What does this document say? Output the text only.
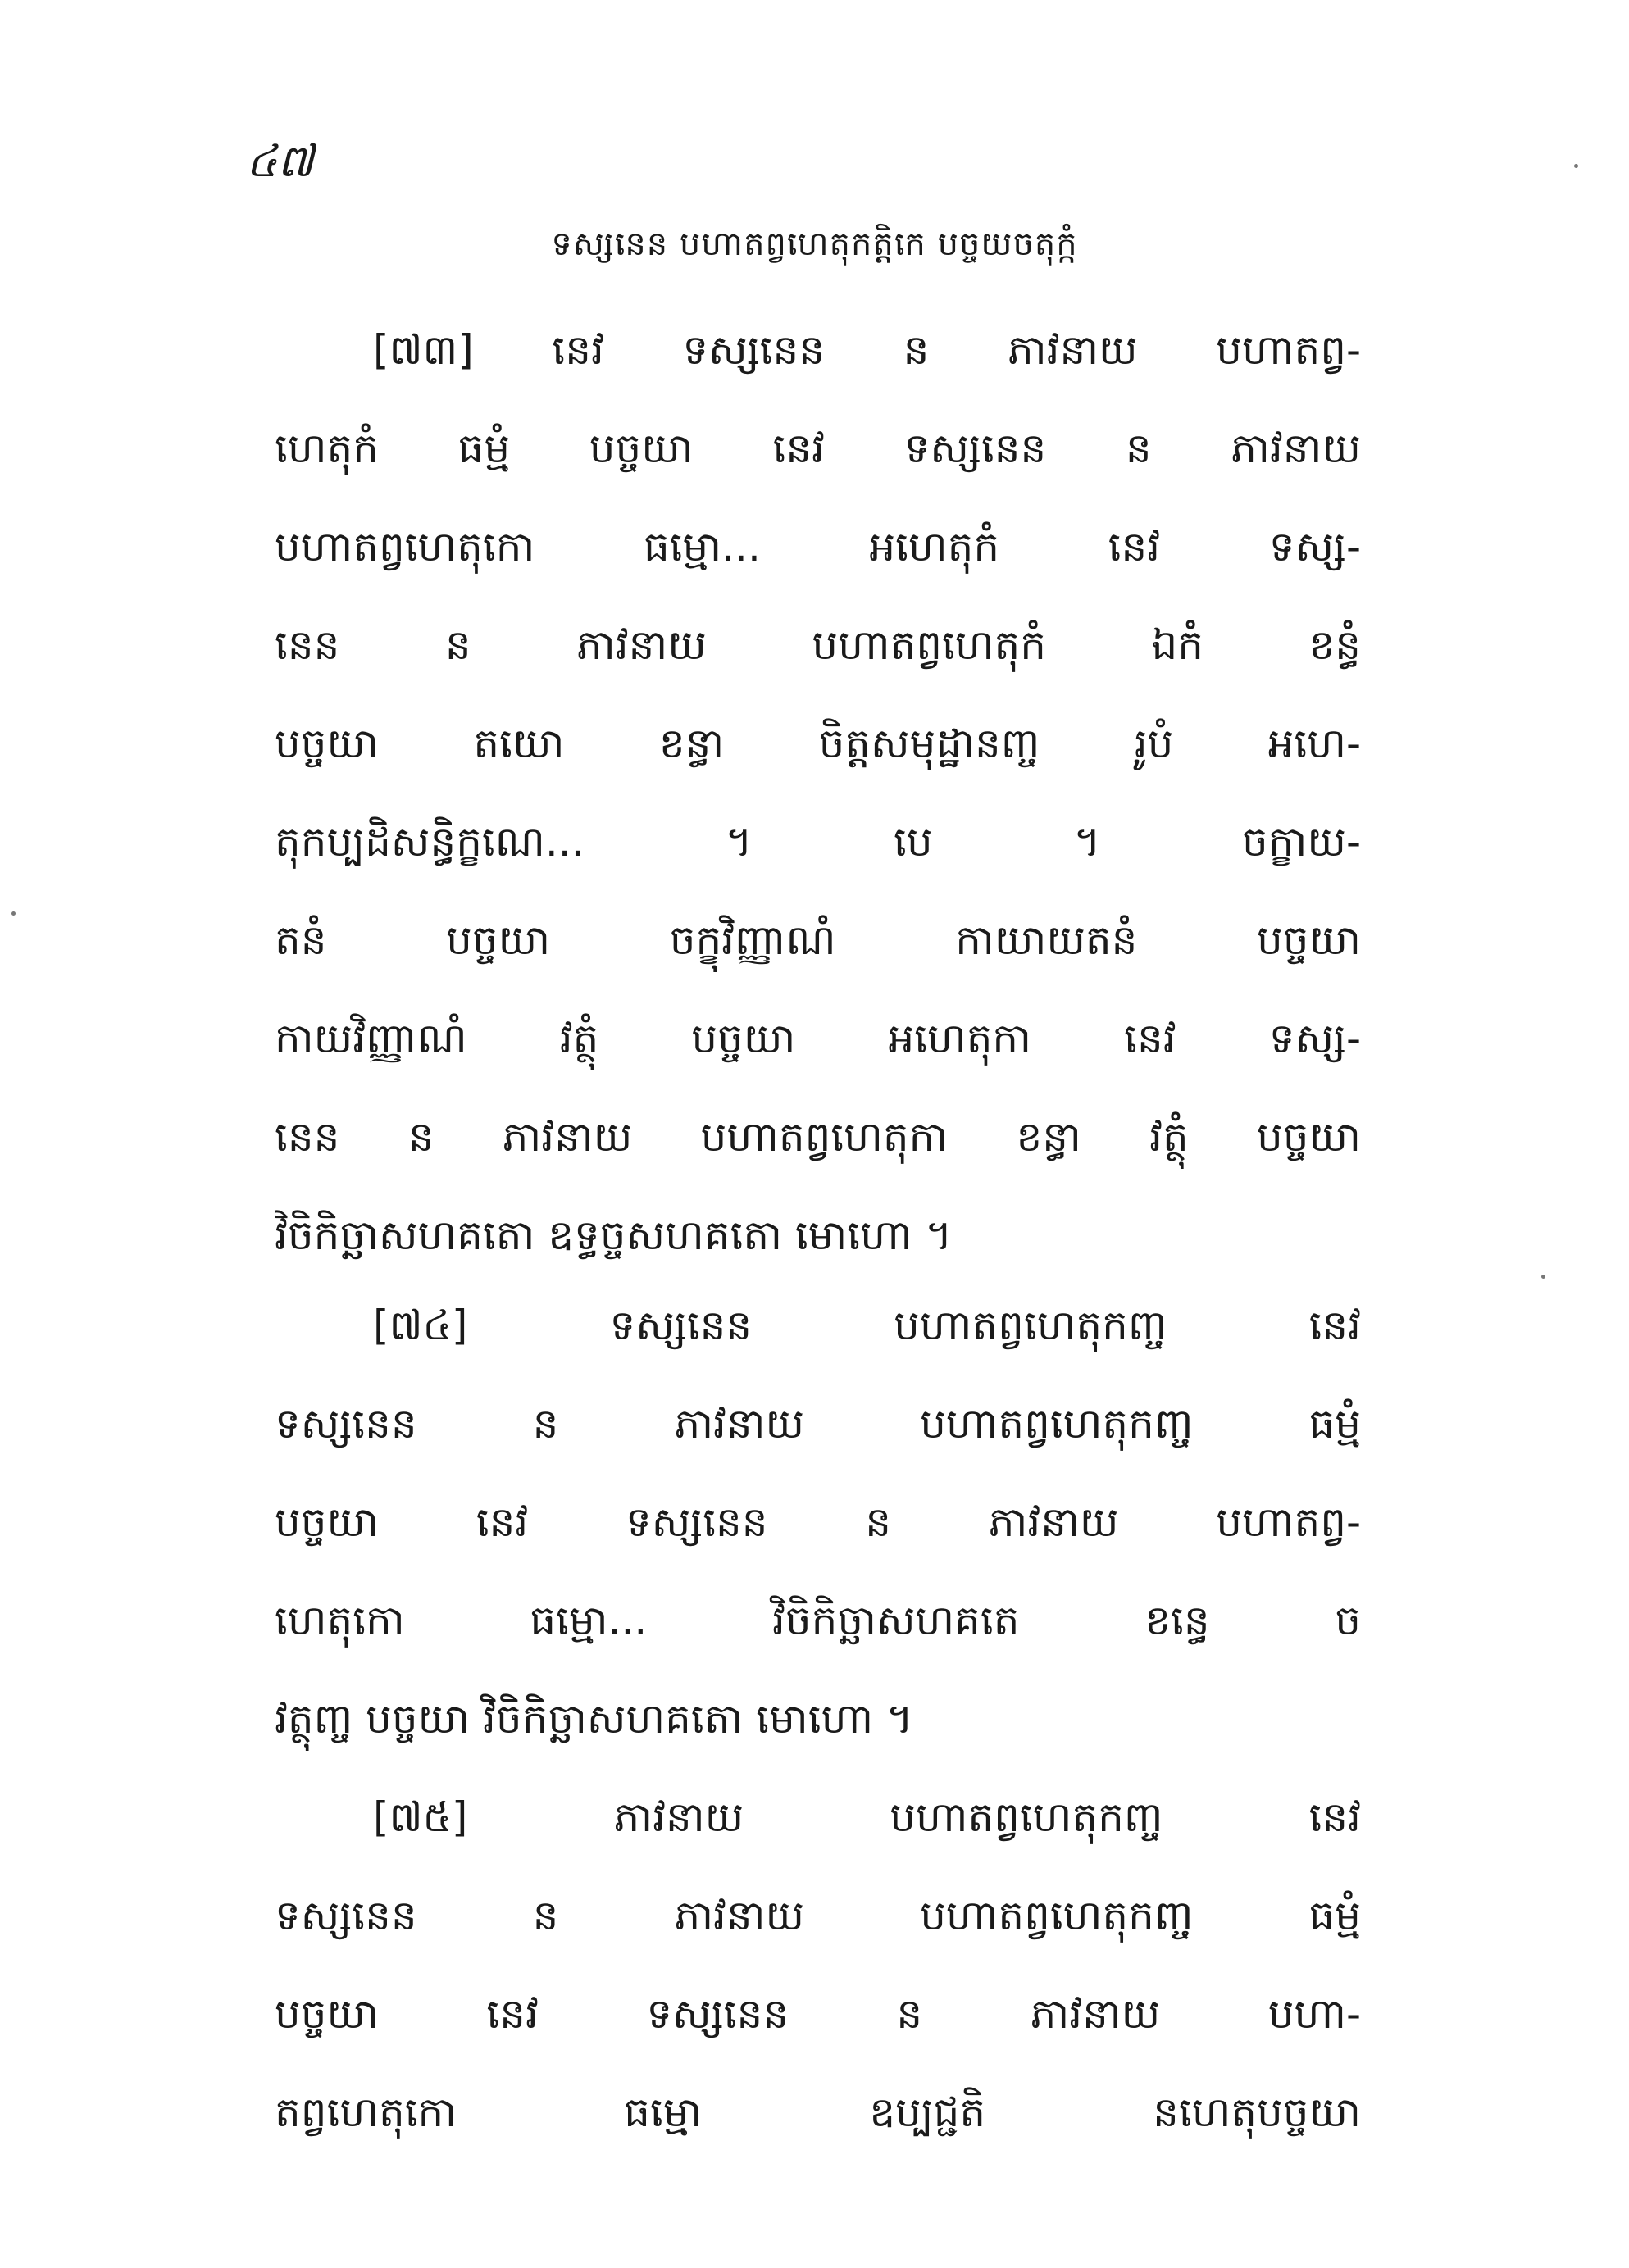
៤៧
ទស្សនេន បហាតព្វហេតុកត្តិកេ បច្ចយចតុក្កំ
[៧៣] នេវ ទស្សនេន ន ភាវនាយ បហាតព្វ-
ហេតុកំ ធម្មំ បច្ចយា នេវ ទស្សនេន ន ភាវនាយ
បហាតព្វហេតុកោ ធម្មោ... អហេតុកំ នេវ ទស្ស-
នេន ន ភាវនាយ បហាតព្វហេតុកំ ឯកំ ខន្ធំ
បច្ចយា តយោ ខន្ធា ចិត្តសមុដ្ឋានញ្ច រូបំ អហេ-
តុកប្បដិសន្ធិក្ខណេ... ។ បេ ។ ចក្ខាយ-
តនំ បច្ចយា ចក្ខុវិញ្ញាណំ កាយាយតនំ បច្ចយា
កាយវិញ្ញាណំ វត្ថុំ បច្ចយា អហេតុកា នេវ ទស្ស-
នេន ន ភាវនាយ បហាតព្វហេតុកា ខន្ធា វត្ថុំ បច្ចយា
វិចិកិច្ឆាសហគតោ ឧទ្ធច្ចសហគតោ មោហោ ។
[៧៤] ទស្សនេន បហាតព្វហេតុកញ្ច នេវ
ទស្សនេន ន ភាវនាយ បហាតព្វហេតុកញ្ច ធម្មំ
បច្ចយា នេវ ទស្សនេន ន ភាវនាយ បហាតព្វ-
ហេតុកោ ធម្មោ... វិចិកិច្ឆាសហគតេ ខន្ធេ ច
វត្ថុញ្ច បច្ចយា វិចិកិច្ឆាសហគតោ មោហោ ។
[៧៥] ភាវនាយ បហាតព្វហេតុកញ្ច នេវ
ទស្សនេន ន ភាវនាយ បហាតព្វហេតុកញ្ច ធម្មំ
បច្ចយា នេវ ទស្សនេន ន ភាវនាយ បហា-
តព្វហេតុកោ ធម្មោ ឧប្បជ្ជតិ នហេតុបច្ចយា
